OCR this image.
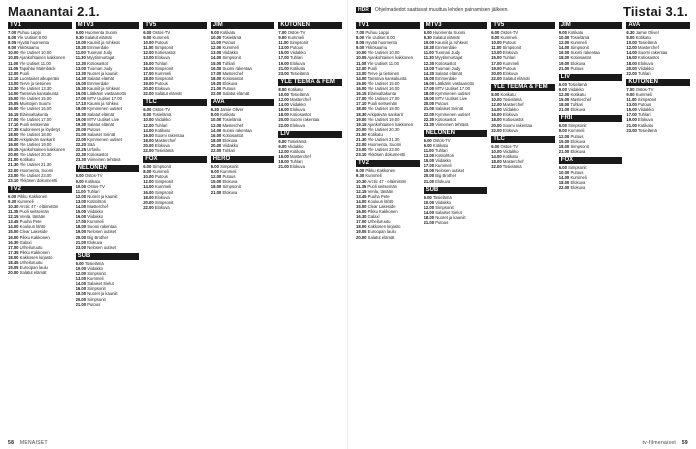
Maanantai 2.1.
TV1
7.00 Puhuu Lappi
8.00 Yle Uutiset 8.00
8.05 Hyvää huomenta
9.00 Ykkösaamu
10.00 Yle Uutiset 10.00
10.05 Ajankohtainen kakkonen
11.00 Yle Uutiset 11.00
11.05 Tapahtui Malmbäck
12.00 Puoli
12.10 Luontaiset alkuperäis
13.00 Terve ja tietoinen
13.30 Yle Uutiset 13.30
14.00 Tanssiva kansakunta
15.00 Yle Uutiset 15.00
15.05 Muistojen Suomi
16.00 Yle Uutiset 16.00
16.15 Eläinvaltakunta
17.00 Yle Uutiset 17.00
17.10 Puoli seitsemän
17.35 Kadonneet ja löydetyt
18.00 Yle Uutiset 18.00
18.30 Arkipäivän sankarit
19.00 Yle Uutiset 19.00
19.15 Ajankohtainen kakkonen
20.00 Yle Uutiset 20.30
21.00 Kotikatu
21.30 Yle Uutiset 21.30
22.00 Huomenta, Suomi
23.00 Yle Uutiset 23.00
23.10 Ykkösen dokumentti
TV2
6.00 Pikku Kakkonen
9.30 Kummeli
10.30 Arctic 47 - eläimistön
11.35 Puoli seitsemän
12.15 Venla, tänään
13.45 Puuha Pete
14.00 Kouluun lähtö
15.00 Clear Lakeside
16.00 Pikku Kakkonen
16.30 Galaxi
17.00 Urheiluruutu
17.35 Pikku Kakkonen
18.00 Kakkosen kirjasto
18.45 Urheiluruutu
19.05 Euroopan laulu
20.00 Salatut elämät
MTV3
6.00 Huomenta Suomi
9.30 Salatut elämät
10.00 Kauniit ja rohkeat
10.30 Emmerdale
11.00 Tuomari Judy
11.30 Myytinmurtajat
12.30 Kotiosastot
13.00 Tuomari Judy
13.30 Nuoret ja kauniit
14.30 Salatut elämät
15.00 Emmerdale
15.30 Kauniit ja rohkeat
16.00 Lääkärin vastaanotto
17.00 MTV Uutiset 17.00
17.10 Kaunis ja rohkea
18.00 Kymmenen uutiset
18.30 Salatut elämät
19.00 MTV Uutiset Live
19.30 Salatut elämät
20.00 Putous
21.00 Salaiset Seinät
22.00 Kymmenen uutiset
22.20 Sää
22.25 Urheilu
22.30 Kotiosastot
23.30 Viimeinen tehtävä
NELONEN
6.00 Ostos-TV
9.00 Kotikatu
10.00 Ostos-TV
11.00 Tuhlari
12.00 Nuoret ja kauniit
13.00 Kotitohtori
14.00 Masterchef
15.00 Viidakko
16.00 Viidakko
17.00 Kummeli
18.00 Suomi rakentaa
19.00 Nelosen uutiset
20.00 Big Brother
21.00 Elokuva
23.00 Nelosen uutiset
SUB
6.00 Tosielämä
10.00 Viidakko
12.00 Simpsonit
13.00 Kummeli
14.00 Salaiset Sielut
16.00 Simpsonit
18.00 Nuoret ja kauniit
20.00 Simpsonit
21.00 Putous
TV5
6.00 Ostos-TV
9.00 Kummeli
10.00 Putous
11.00 Simpsonit
12.00 Kotiosastot
13.00 Elokuva
15.00 Tuhlari
16.00 Simpsonit
17.00 Kummeli
18.00 Simpsonit
19.00 Putous
20.00 Elokuva
22.00 Salatut elämät
TLC
6.00 Ostos-TV
8.00 Tosielämä
10.00 Viidakko
12.00 Tuhlari
14.00 Kotikatu
16.00 Suomi rakentaa
18.00 Masterchef
20.00 Elokuva
22.00 Tosielämä
FOX
6.00 Simpsonit
8.00 Kummeli
10.00 Putous
12.00 Simpsonit
14.00 Kummeli
16.00 Simpsonit
18.00 Elokuva
20.00 Simpsonit
22.00 Elokuva
JIM
9.00 Kotikatu
10.00 Tosielämä
11.00 Putous
12.00 Kummeli
13.00 Viidakko
14.00 Simpsonit
15.00 Tuhlari
16.00 Suomi rakentaa
17.00 Masterchef
18.00 Kotiosastot
19.00 Elokuva
21.00 Putous
22.00 Salatut elämät
AVA
6.30 Jamie Oliver
8.00 Kotikatu
10.00 Tosielämä
12.00 Masterchef
14.00 Suomi rakentaa
16.00 Kotiosastot
18.00 Elokuva
20.00 Viidakko
22.00 Tuhlari
HERO
6.00 Simpsonit
9.00 Kummeli
12.00 Putous
15.00 Elokuva
18.00 Simpsonit
21.00 Elokuva
KUTONEN
7.00 Ostos-TV
9.00 Kummeli
11.00 Simpsonit
13.00 Putous
15.00 Viidakko
17.00 Tuhlari
19.00 Elokuva
21.00 Kotikatu
23.00 Tosielämä
YLE TEEMA & FEM
8.00 Kotikatu
10.00 Tosielämä
12.00 Masterchef
14.00 Viidakko
16.00 Elokuva
18.00 Kotiosastot
20.00 Suomi rakentaa
22.00 Elokuva
LIV
6.00 Tosielämä
9.00 Viidakko
12.00 Kotikatu
15.00 Masterchef
18.00 Tuhlari
21.00 Elokuva
58 MENAISET
HDR	Ohjelmatiedot saattavat muuttua lehden painamisen jälkeen.	Tiistai 3.1.
TV1
7.00 Puhuu Lappi
8.00 Yle Uutiset 8.00
8.05 Hyvää huomenta
9.00 Ykkösaamu
10.00 Yle Uutiset 10.00
10.05 Ajankohtainen kakkonen
11.00 Yle Uutiset 11.00
12.00 Puoli
13.00 Terve ja tietoinen
14.00 Tanssiva kansakunta
15.00 Yle Uutiset 15.00
16.00 Yle Uutiset 16.00
16.15 Eläinvaltakunta
17.00 Yle Uutiset 17.00
17.10 Puoli seitsemän
18.00 Yle Uutiset 18.00
18.30 Arkipäivän sankarit
19.00 Yle Uutiset 19.00
19.15 Ajankohtainen kakkonen
20.00 Yle Uutiset 20.30
21.00 Kotikatu
21.30 Yle Uutiset 21.30
22.00 Huomenta, Suomi
23.00 Yle Uutiset 23.00
23.10 Ykkösen dokumentti
TV2
6.00 Pikku Kakkonen
9.30 Kummeli
10.30 Arctic 47 - eläimistön
11.35 Puoli seitsemän
12.15 Venla, tänään
13.45 Puuha Pete
14.00 Kouluun lähtö
15.00 Clear Lakeside
16.00 Pikku Kakkonen
16.30 Galaxi
17.00 Urheiluruutu
18.00 Kakkosen kirjasto
19.05 Euroopan laulu
20.00 Salatut elämät
MTV3
6.00 Huomenta Suomi
9.30 Salatut elämät
10.00 Kauniit ja rohkeat
10.30 Emmerdale
11.00 Tuomari Judy
11.30 Myytinmurtajat
12.30 Kotiosastot
13.00 Tuomari Judy
14.30 Salatut elämät
15.00 Emmerdale
16.00 Lääkärin vastaanotto
17.00 MTV Uutiset 17.00
18.00 Kymmenen uutiset
19.00 MTV Uutiset Live
20.00 Putous
21.00 Salaiset Seinät
22.00 Kymmenen uutiset
22.30 Kotiosastot
23.30 Viimeinen tehtävä
NELONEN
6.00 Ostos-TV
9.00 Kotikatu
11.00 Tuhlari
13.00 Kotitohtori
15.00 Viidakko
17.00 Kummeli
19.00 Nelosen uutiset
20.00 Big Brother
21.00 Elokuva
SUB
6.00 Tosielämä
10.00 Viidakko
12.00 Simpsonit
14.00 Salaiset Sielut
18.00 Nuoret ja kauniit
21.00 Putous
TV5
6.00 Ostos-TV
9.00 Kummeli
10.00 Putous
11.00 Simpsonit
13.00 Elokuva
15.00 Tuhlari
17.00 Kummeli
19.00 Putous
20.00 Elokuva
22.00 Salatut elämät
YLE TEEMA & FEM
8.00 Kotikatu
10.00 Tosielämä
12.00 Masterchef
14.00 Viidakko
16.00 Elokuva
18.00 Kotiosastot
20.00 Suomi rakentaa
22.00 Elokuva
TLC
6.00 Ostos-TV
10.00 Viidakko
14.00 Kotikatu
18.00 Masterchef
22.00 Tosielämä
JIM
9.00 Kotikatu
10.00 Tosielämä
12.00 Kummeli
14.00 Simpsonit
16.00 Suomi rakentaa
18.00 Kotiosastot
19.00 Elokuva
21.00 Putous
LIV
6.00 Tosielämä
9.00 Viidakko
12.00 Kotikatu
15.00 Masterchef
18.00 Tuhlari
21.00 Elokuva
FRII
6.00 Simpsonit
9.00 Kummeli
12.00 Putous
15.00 Elokuva
18.00 Simpsonit
21.00 Elokuva
FOX
6.00 Simpsonit
10.00 Putous
14.00 Kummeli
18.00 Elokuva
22.00 Elokuva
AVA
6.30 Jamie Oliver
8.00 Kotikatu
10.00 Tosielämä
12.00 Masterchef
14.00 Suomi rakentaa
16.00 Kotiosastot
18.00 Elokuva
20.00 Viidakko
22.00 Tuhlari
KUTONEN
7.00 Ostos-TV
9.00 Kummeli
11.00 Simpsonit
13.00 Putous
15.00 Viidakko
17.00 Tuhlari
19.00 Elokuva
21.00 Kotikatu
23.00 Tosielämä
tv-filmenaiset 59
